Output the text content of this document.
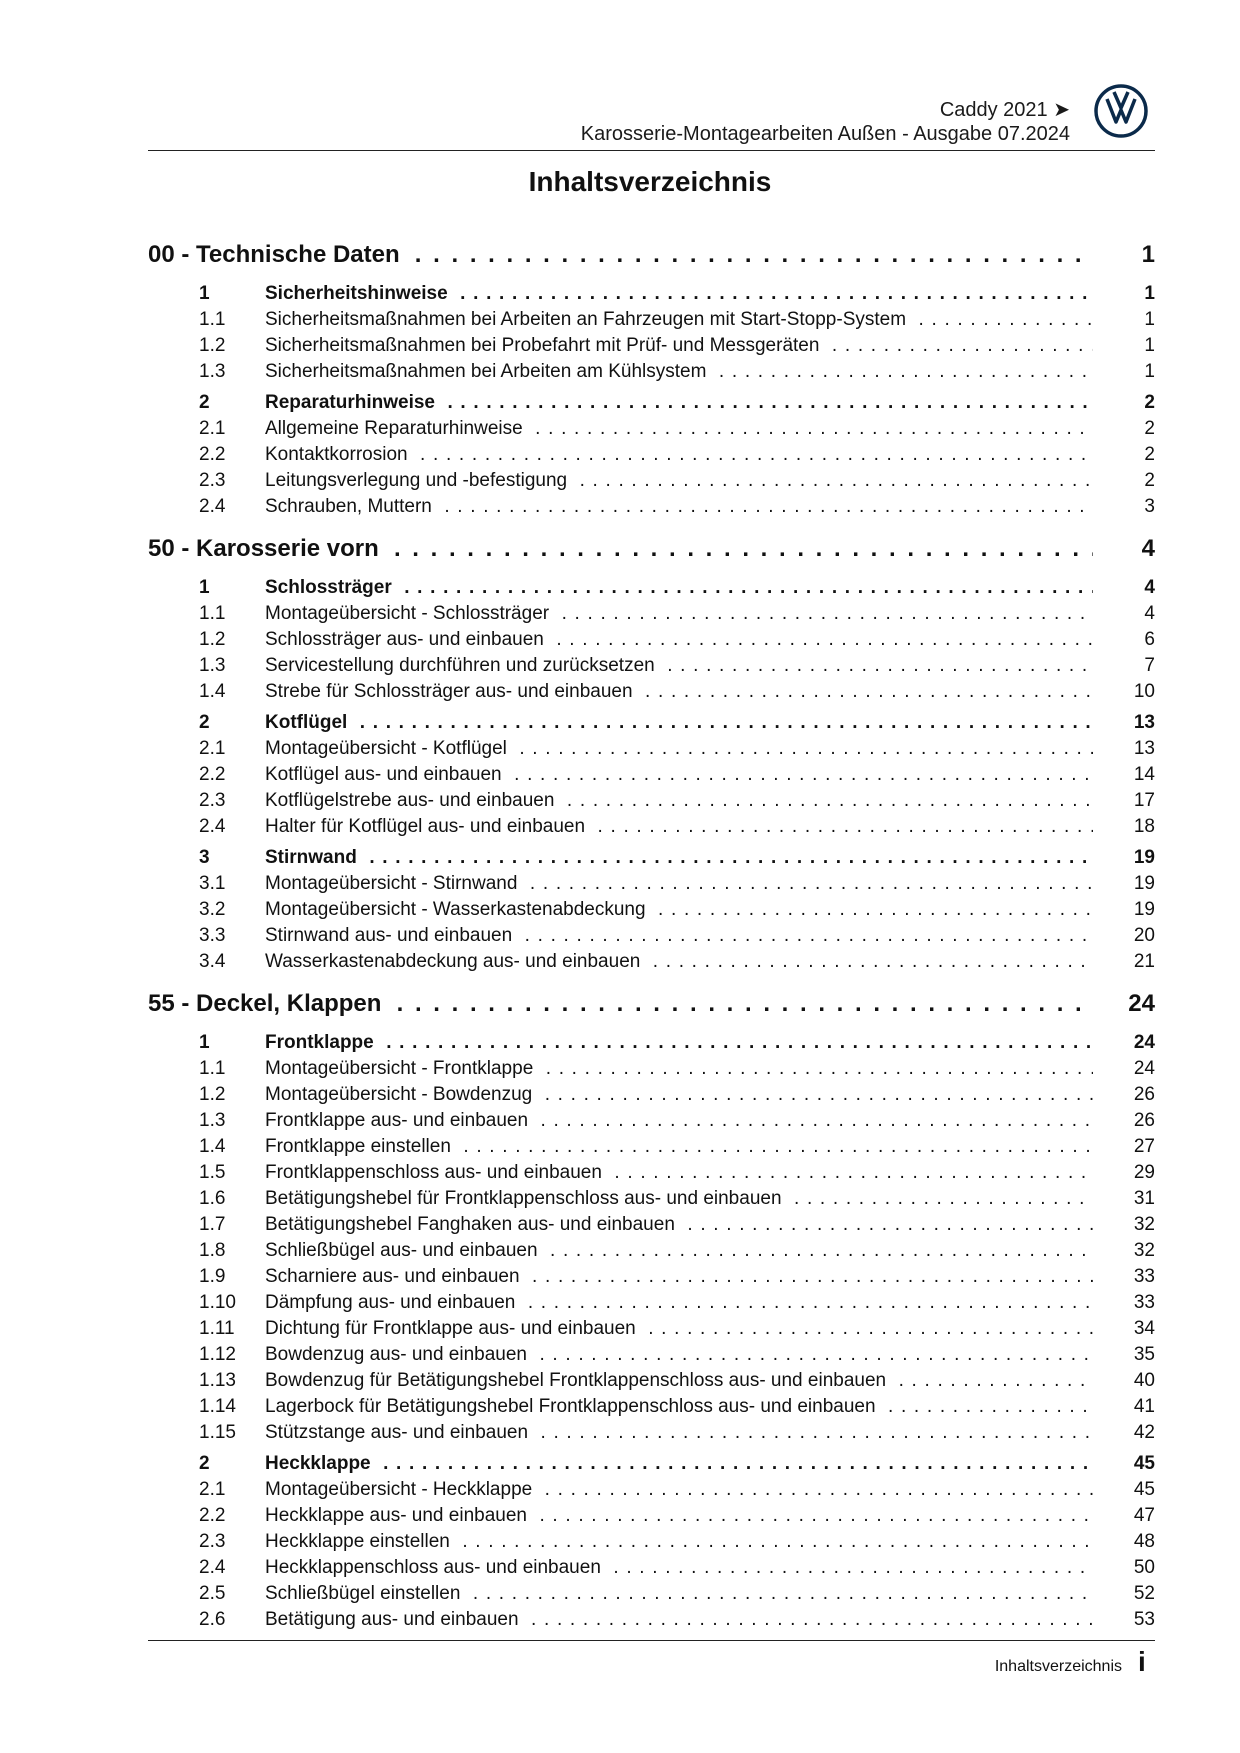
Caddy 2021 ➤
Karosserie-Montagearbeiten Außen - Ausgabe 07.2024
Inhaltsverzeichnis
00 - Technische Daten . . .	1
1	Sicherheitshinweise . . .	1
1.1 Sicherheitsmaßnahmen bei Arbeiten an Fahrzeugen mit Start-Stopp-System . . .	1
1.2 Sicherheitsmaßnahmen bei Probefahrt mit Prüf- und Messgeräten . . .	1
1.3 Sicherheitsmaßnahmen bei Arbeiten am Kühlsystem . . .	1
2	Reparaturhinweise . . .	2
2.1 Allgemeine Reparaturhinweise . . .	2
2.2 Kontaktkorrosion . . .	2
2.3 Leitungsverlegung und -befestigung . . .	2
2.4 Schrauben, Muttern . . .	3
50 - Karosserie vorn . . .	4
1	Schlossträger . . .	4
1.1 Montageübersicht - Schlossträger . . .	4
1.2 Schlossträger aus- und einbauen . . .	6
1.3 Servicestellung durchführen und zurücksetzen . . .	7
1.4 Strebe für Schlossträger aus- und einbauen . . .	10
2	Kotflügel . . .	13
2.1 Montageübersicht - Kotflügel . . .	13
2.2 Kotflügel aus- und einbauen . . .	14
2.3 Kotflügelstrebe aus- und einbauen . . .	17
2.4 Halter für Kotflügel aus- und einbauen . . .	18
3	Stirnwand . . .	19
3.1 Montageübersicht - Stirnwand . . .	19
3.2 Montageübersicht - Wasserkastenabdeckung . . .	19
3.3 Stirnwand aus- und einbauen . . .	20
3.4 Wasserkastenabdeckung aus- und einbauen . . .	21
55 - Deckel, Klappen . . .	24
1	Frontklappe . . .	24
1.1 Montageübersicht - Frontklappe . . .	24
1.2 Montageübersicht - Bowdenzug . . .	26
1.3 Frontklappe aus- und einbauen . . .	26
1.4 Frontklappe einstellen . . .	27
1.5 Frontklappenschloss aus- und einbauen . . .	29
1.6 Betätigungshebel für Frontklappenschloss aus- und einbauen . . .	31
1.7 Betätigungshebel Fanghaken aus- und einbauen . . .	32
1.8 Schließbügel aus- und einbauen . . .	32
1.9 Scharniere aus- und einbauen . . .	33
1.10 Dämpfung aus- und einbauen . . .	33
1.11 Dichtung für Frontklappe aus- und einbauen . . .	34
1.12 Bowdenzug aus- und einbauen . . .	35
1.13 Bowdenzug für Betätigungshebel Frontklappenschloss aus- und einbauen . . .	40
1.14 Lagerbock für Betätigungshebel Frontklappenschloss aus- und einbauen . . .	41
1.15 Stützstange aus- und einbauen . . .	42
2	Heckklappe . . .	45
2.1 Montageübersicht - Heckklappe . . .	45
2.2 Heckklappe aus- und einbauen . . .	47
2.3 Heckklappe einstellen . . .	48
2.4 Heckklappenschloss aus- und einbauen . . .	50
2.5 Schließbügel einstellen . . .	52
2.6 Betätigung aus- und einbauen . . .	53
Inhaltsverzeichnis i
